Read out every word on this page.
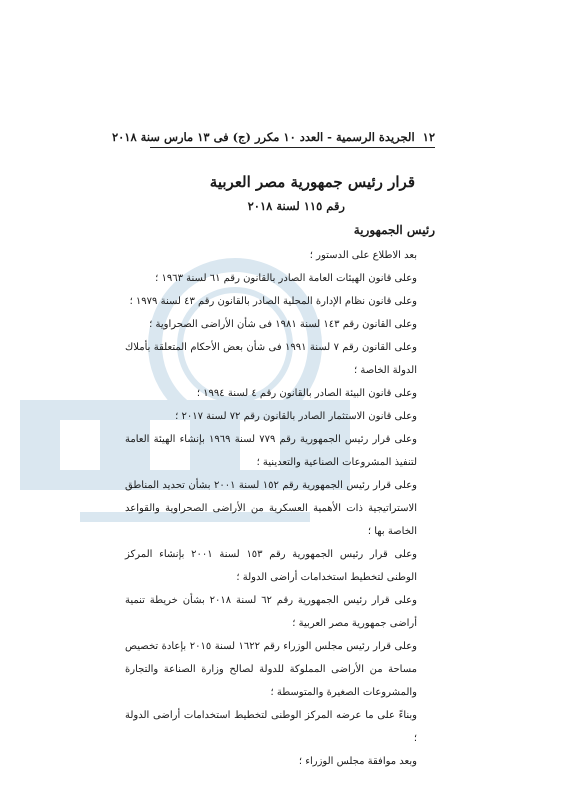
١٢
الجريدة الرسمية - العدد ١٠ مكرر (ج) فى ١٣ مارس سنة ٢٠١٨
قرار رئيس جمهورية مصر العربية
رقم ١١٥ لسنة ٢٠١٨
رئيس الجمهورية
بعد الاطلاع على الدستور ؛
وعلى قانون الهيئات العامة الصادر بالقانون رقم ٦١ لسنة ١٩٦٣ ؛
وعلى قانون نظام الإدارة المحلية الصادر بالقانون رقم ٤٣ لسنة ١٩٧٩ ؛
وعلى القانون رقم ١٤٣ لسنة ١٩٨١ فى شأن الأراضى الصحراوية ؛
وعلى القانون رقم ٧ لسنة ١٩٩١ فى شأن بعض الأحكام المتعلقة بأملاك الدولة الخاصة ؛
وعلى قانون البيئة الصادر بالقانون رقم ٤ لسنة ١٩٩٤ ؛
وعلى قانون الاستثمار الصادر بالقانون رقم ٧٢ لسنة ٢٠١٧ ؛
وعلى قرار رئيس الجمهورية رقم ٧٧٩ لسنة ١٩٦٩ بإنشاء الهيئة العامة لتنفيذ المشروعات الصناعية والتعدينية ؛
وعلى قرار رئيس الجمهورية رقم ١٥٢ لسنة ٢٠٠١ بشأن تحديد المناطق الاستراتيجية ذات الأهمية العسكرية من الأراضى الصحراوية والقواعد الخاصة بها ؛
وعلى قرار رئيس الجمهورية رقم ١٥٣ لسنة ٢٠٠١ بإنشاء المركز الوطنى لتخطيط استخدامات أراضى الدولة ؛
وعلى قرار رئيس الجمهورية رقم ٦٢ لسنة ٢٠١٨ بشأن خريطة تنمية أراضى جمهورية مصر العربية ؛
وعلى قرار رئيس مجلس الوزراء رقم ١٦٢٢ لسنة ٢٠١٥ بإعادة تخصيص مساحة من الأراضى المملوكة للدولة لصالح وزارة الصناعة والتجارة والمشروعات الصغيرة والمتوسطة ؛
وبناءً على ما عرضه المركز الوطنى لتخطيط استخدامات أراضى الدولة ؛
وبعد موافقة مجلس الوزراء ؛
